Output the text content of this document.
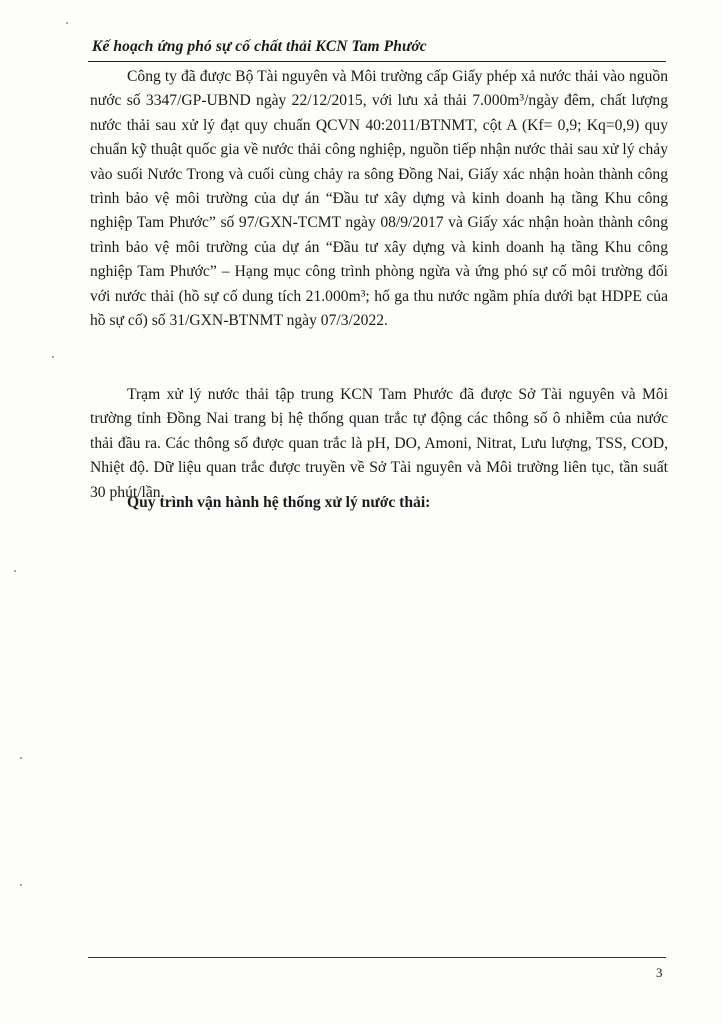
Kế hoạch ứng phó sự cố chất thải KCN Tam Phước

Công ty đã được Bộ Tài nguyên và Môi trường cấp Giấy phép xả nước thải vào nguồn nước số 3347/GP-UBND ngày 22/12/2015, với lưu xả thải 7.000m³/ngày đêm, chất lượng nước thải sau xử lý đạt quy chuẩn QCVN 40:2011/BTNMT, cột A (Kf= 0,9; Kq=0,9) quy chuẩn kỹ thuật quốc gia về nước thải công nghiệp, nguồn tiếp nhận nước thải sau xử lý chảy vào suối Nước Trong và cuối cùng chảy ra sông Đồng Nai, Giấy xác nhận hoàn thành công trình bảo vệ môi trường của dự án “Đầu tư xây dựng và kinh doanh hạ tầng Khu công nghiệp Tam Phước” số 97/GXN-TCMT ngày 08/9/2017 và Giấy xác nhận hoàn thành công trình bảo vệ môi trường của dự án “Đầu tư xây dựng và kinh doanh hạ tầng Khu công nghiệp Tam Phước” – Hạng mục công trình phòng ngừa và ứng phó sự cố môi trường đối với nước thải (hồ sự cố dung tích 21.000m³; hố ga thu nước ngầm phía dưới bạt HDPE của hồ sự cố) số 31/GXN-BTNMT ngày 07/3/2022.

Trạm xử lý nước thải tập trung KCN Tam Phước đã được Sở Tài nguyên và Môi trường tỉnh Đồng Nai trang bị hệ thống quan trắc tự động các thông số ô nhiễm của nước thải đầu ra. Các thông số được quan trắc là pH, DO, Amoni, Nitrat, Lưu lượng, TSS, COD, Nhiệt độ. Dữ liệu quan trắc được truyền về Sở Tài nguyên và Môi trường liên tục, tần suất 30 phút/lần.

Quy trình vận hành hệ thống xử lý nước thải:

3
